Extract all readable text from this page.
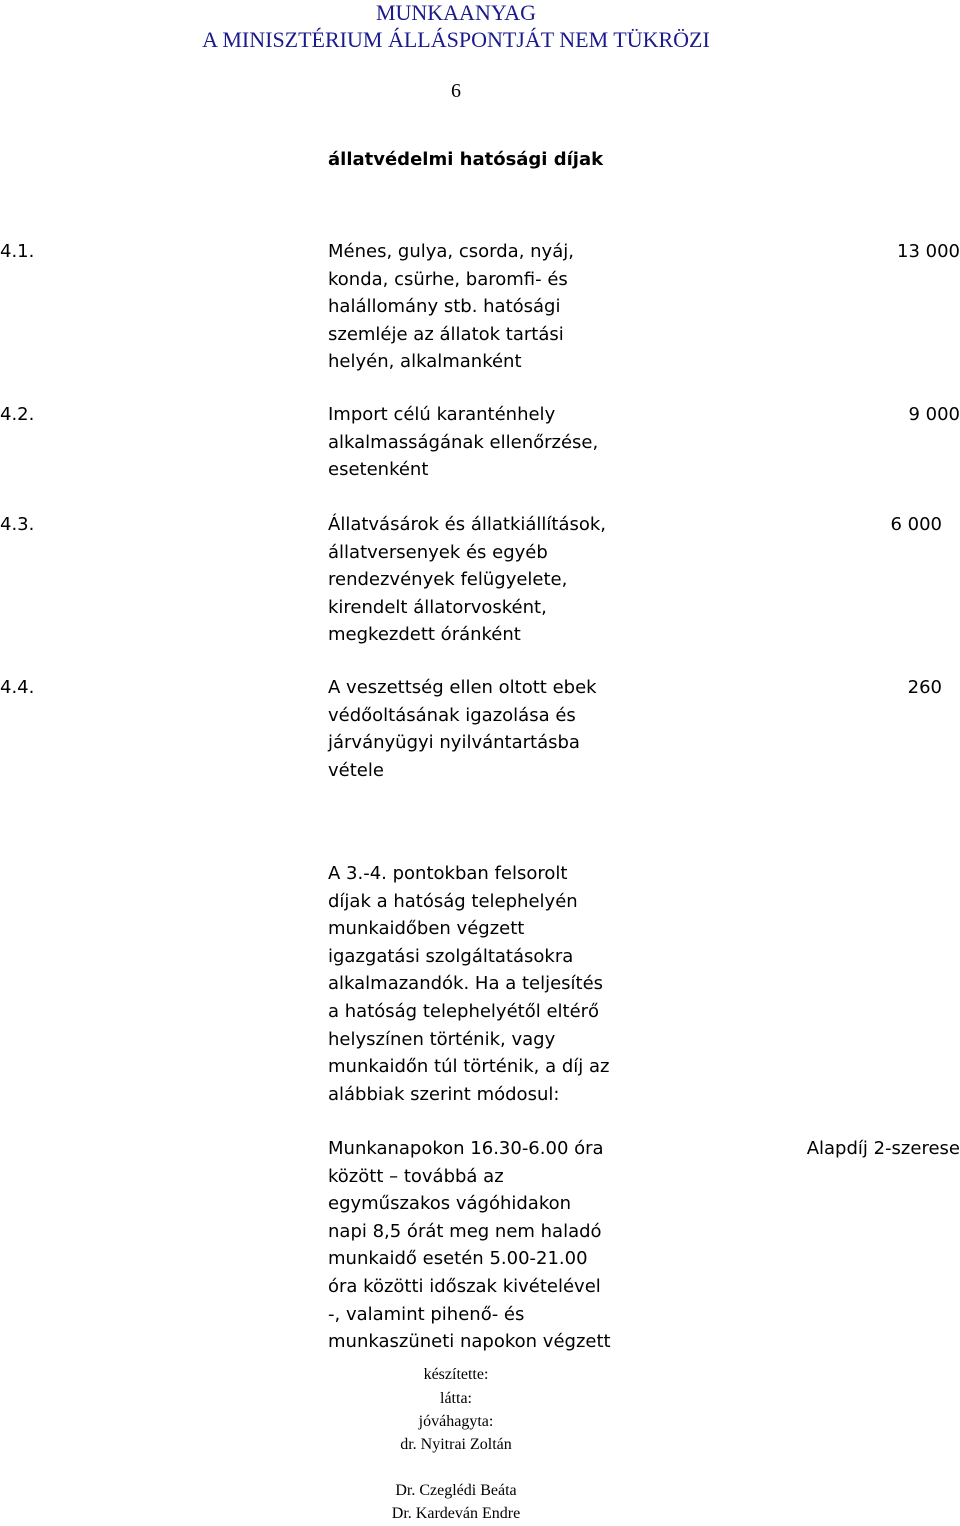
MUNKAANYAG
A MINISZTÉRIUM ÁLLÁSPONTJÁT NEM TÜKRÖZI
6
állatvédelmi hatósági díjak
4.1.	Ménes, gulya, csorda, nyáj,
konda, csürhe, baromfi- és
halállomány stb. hatósági
szemléje az állatok tartási
helyén, alkalmanként
13 000
4.2.	Import célú karanténhely
alkalmasságának ellenőrzése,
esetenként
9 000
4.3.	Állatvásárok és állatkiállítások,
állatversenyek és egyéb
rendezvények felügyelete,
kirendelt állatorvosként,
megkezdett óránként
6 000
4.4.	A veszettség ellen oltott ebek
védőoltásának igazolása és
járványügyi nyilvántartásba
vétele
260
A 3.-4. pontokban felsorolt
díjak a hatóság telephelyén
munkaidőben végzett
igazgatási szolgáltatásokra
alkalmazandók. Ha a teljesítés
a hatóság telephelyétől eltérő
helyszínen történik, vagy
munkaidőn túl történik, a díj az
alábbiak szerint módosul:
Munkanapokon 16.30-6.00 óra
között – továbbá az
egyműszakos vágóhidakon
napi 8,5 órát meg nem haladó
munkaidő esetén 5.00-21.00
óra közötti időszak kivételével
-, valamint pihenő- és
munkaszüneti napokon végzett
Alapdíj 2-szerese
készítette:
látta:
jóváhagyta:
dr. Nyitrai Zoltán
Dr. Czeglédi Beáta
Dr. Kardeván Endre
